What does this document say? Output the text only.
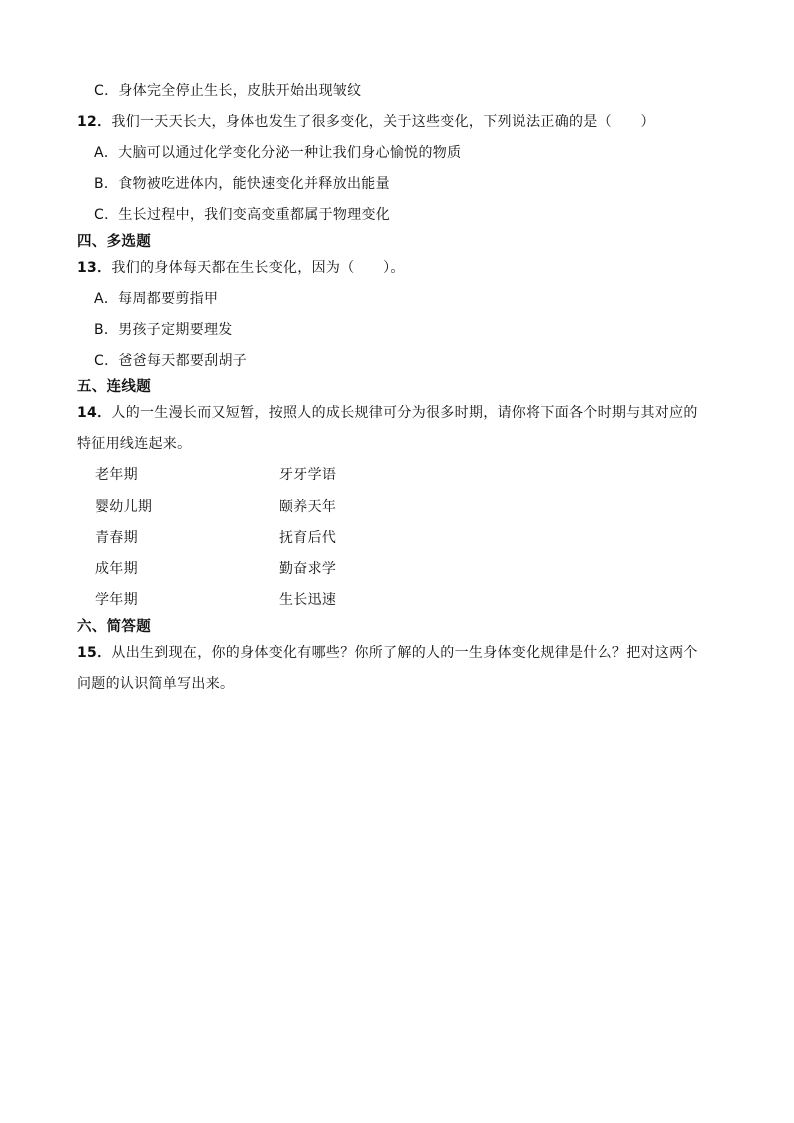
C．身体完全停止生长，皮肤开始出现皱纹
12．我们一天天长大，身体也发生了很多变化，关于这些变化，下列说法正确的是（　　）
A．大脑可以通过化学变化分泌一种让我们身心愉悦的物质
B．食物被吃进体内，能快速变化并释放出能量
C．生长过程中，我们变高变重都属于物理变化
四、多选题
13．我们的身体每天都在生长变化，因为（　　）。
A．每周都要剪指甲
B．男孩子定期要理发
C．爸爸每天都要刮胡子
五、连线题
14．人的一生漫长而又短暂，按照人的成长规律可分为很多时期，请你将下面各个时期与其对应的
特征用线连起来。
老年期	牙牙学语
婴幼儿期	颐养天年
青春期	抚育后代
成年期	勤奋求学
学年期	生长迅速
六、简答题
15．从出生到现在，你的身体变化有哪些？你所了解的人的一生身体变化规律是什么？把对这两个
问题的认识简单写出来。
